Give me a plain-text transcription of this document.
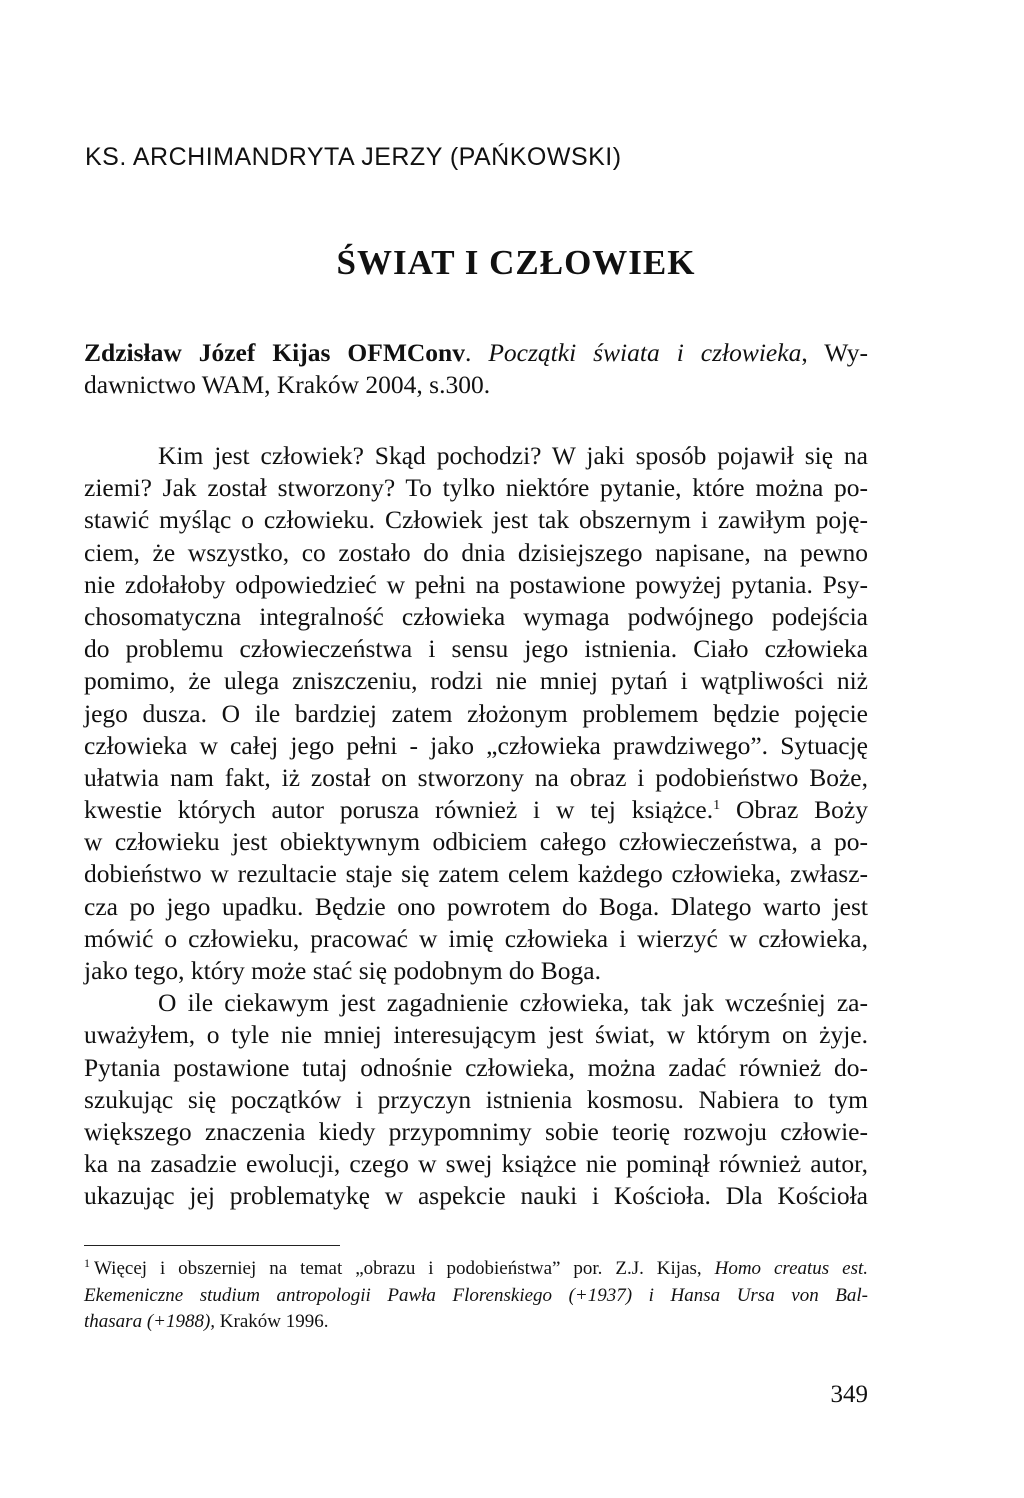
KS. ARCHIMANDRYTA JERZY (PAŃKOWSKI)
ŚWIAT I CZŁOWIEK
Zdzisław Józef Kijas OFMConv. Początki świata i człowieka, Wy-
dawnictwo WAM, Kraków 2004, s.300.
Kim jest człowiek? Skąd pochodzi? W jaki sposób pojawił się na
ziemi? Jak został stworzony? To tylko niektóre pytanie, które można po-
stawić myśląc o człowieku. Człowiek jest tak obszernym i zawiłym poję-
ciem, że wszystko, co zostało do dnia dzisiejszego napisane, na pewno
nie zdołałoby odpowiedzieć w pełni na postawione powyżej pytania. Psy-
chosomatyczna integralność człowieka wymaga podwójnego podejścia
do problemu człowieczeństwa i sensu jego istnienia. Ciało człowieka
pomimo, że ulega zniszczeniu, rodzi nie mniej pytań i wątpliwości niż
jego dusza. O ile bardziej zatem złożonym problemem będzie pojęcie
człowieka w całej jego pełni - jako „człowieka prawdziwego”. Sytuację
ułatwia nam fakt, iż został on stworzony na obraz i podobieństwo Boże,
kwestie których autor porusza również i w tej książce.$^1$ Obraz Boży
w człowieku jest obiektywnym odbiciem całego człowieczeństwa, a po-
dobieństwo w rezultacie staje się zatem celem każdego człowieka, zwłasz-
cza po jego upadku. Będzie ono powrotem do Boga. Dlatego warto jest
mówić o człowieku, pracować w imię człowieka i wierzyć w człowieka,
jako tego, który może stać się podobnym do Boga.
O ile ciekawym jest zagadnienie człowieka, tak jak wcześniej za-
uważyłem, o tyle nie mniej interesującym jest świat, w którym on żyje.
Pytania postawione tutaj odnośnie człowieka, można zadać również do-
szukując się początków i przyczyn istnienia kosmosu. Nabiera to tym
większego znaczenia kiedy przypomnimy sobie teorię rozwoju człowie-
ka na zasadzie ewolucji, czego w swej książce nie pominął również autor,
ukazując jej problematykę w aspekcie nauki i Kościoła. Dla Kościoła
$^1$ Więcej i obszerniej na temat „obrazu i podobieństwa” por. Z.J. Kijas, Homo creatus est.
Ekemeniczne studium antropologii Pawła Florenskiego (+1937) i Hansa Ursa von Bal-
thasara (+1988), Kraków 1996.
349
